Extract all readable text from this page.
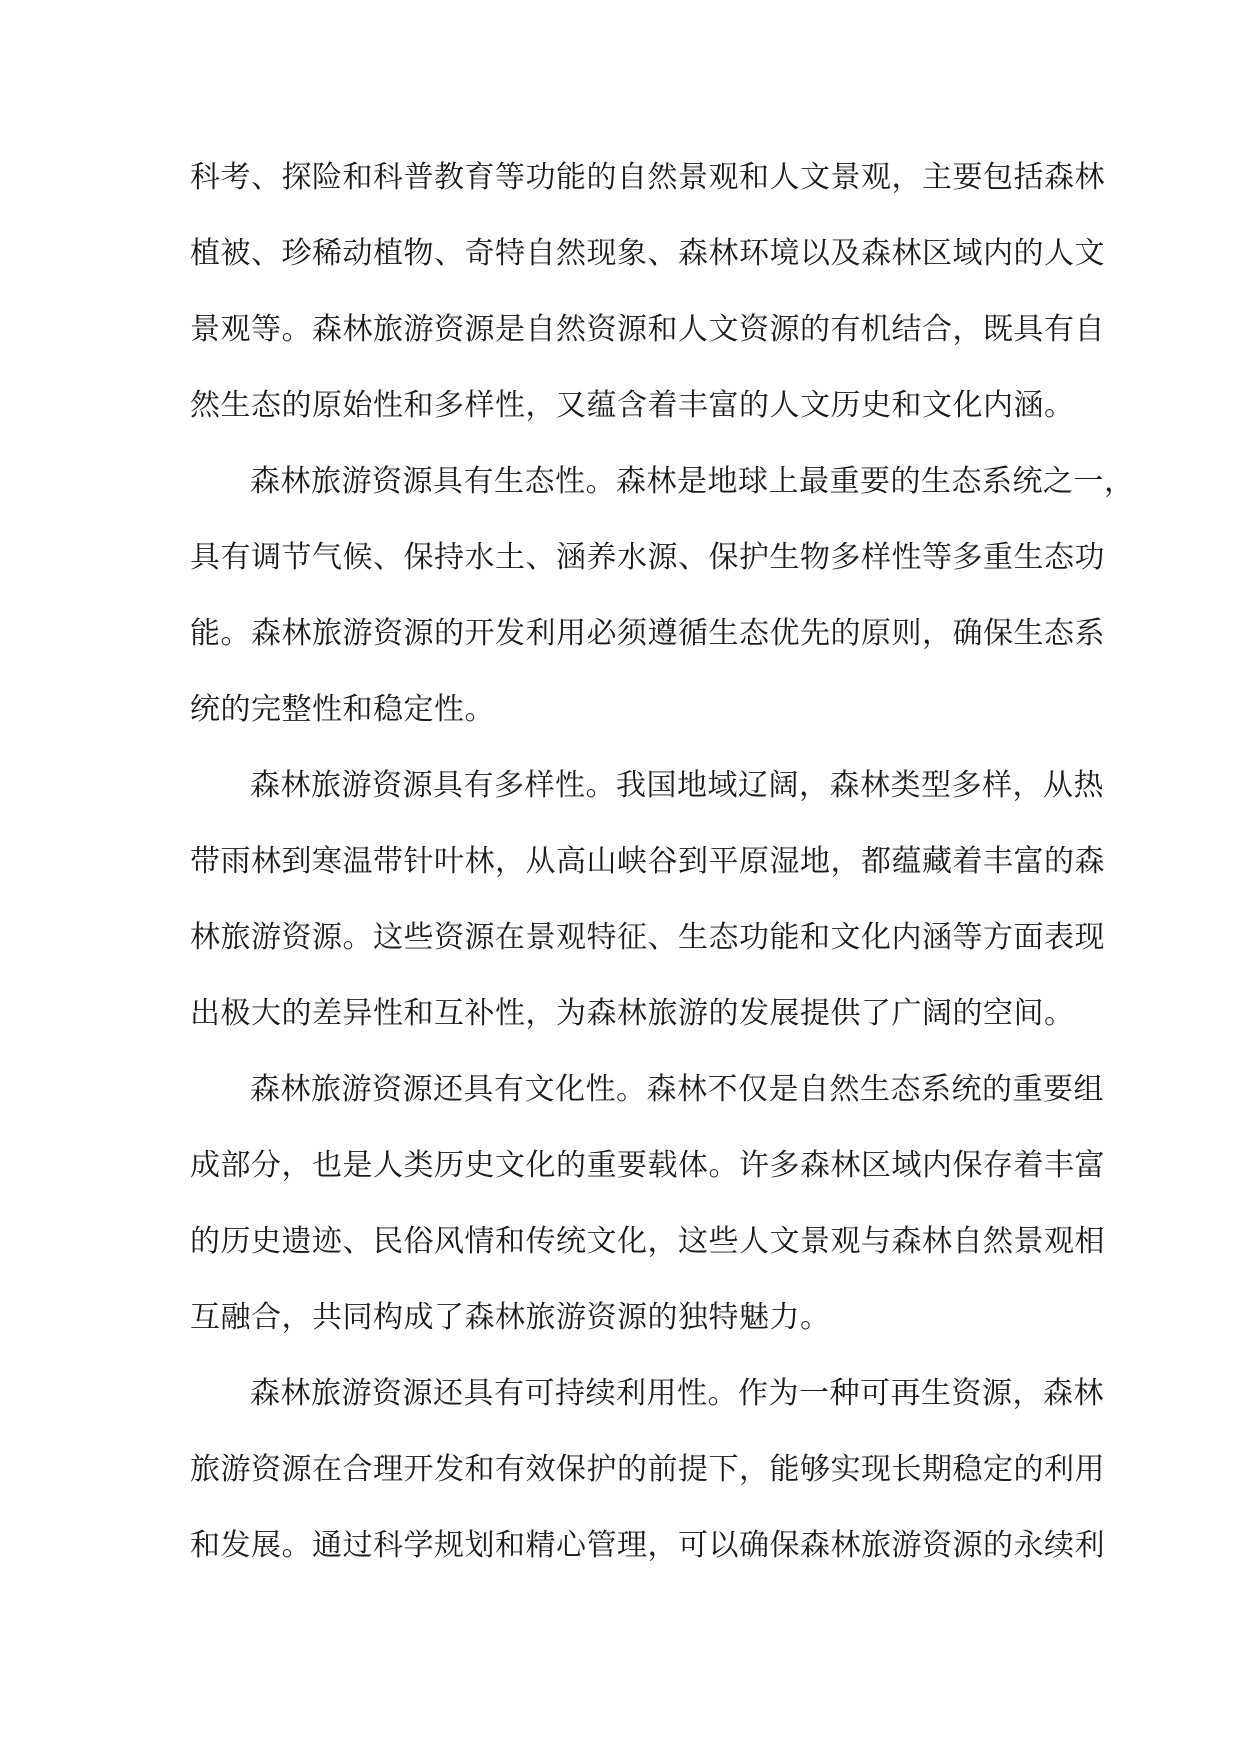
科考、探险和科普教育等功能的自然景观和人文景观，主要包括森林
植被、珍稀动植物、奇特自然现象、森林环境以及森林区域内的人文
景观等。森林旅游资源是自然资源和人文资源的有机结合，既具有自
然生态的原始性和多样性，又蕴含着丰富的人文历史和文化内涵。
森林旅游资源具有生态性。森林是地球上最重要的生态系统之一，
具有调节气候、保持水土、涵养水源、保护生物多样性等多重生态功
能。森林旅游资源的开发利用必须遵循生态优先的原则，确保生态系
统的完整性和稳定性。
森林旅游资源具有多样性。我国地域辽阔，森林类型多样，从热
带雨林到寒温带针叶林，从高山峡谷到平原湿地，都蕴藏着丰富的森
林旅游资源。这些资源在景观特征、生态功能和文化内涵等方面表现
出极大的差异性和互补性，为森林旅游的发展提供了广阔的空间。
森林旅游资源还具有文化性。森林不仅是自然生态系统的重要组
成部分，也是人类历史文化的重要载体。许多森林区域内保存着丰富
的历史遗迹、民俗风情和传统文化，这些人文景观与森林自然景观相
互融合，共同构成了森林旅游资源的独特魅力。
森林旅游资源还具有可持续利用性。作为一种可再生资源，森林
旅游资源在合理开发和有效保护的前提下，能够实现长期稳定的利用
和发展。通过科学规划和精心管理，可以确保森林旅游资源的永续利
